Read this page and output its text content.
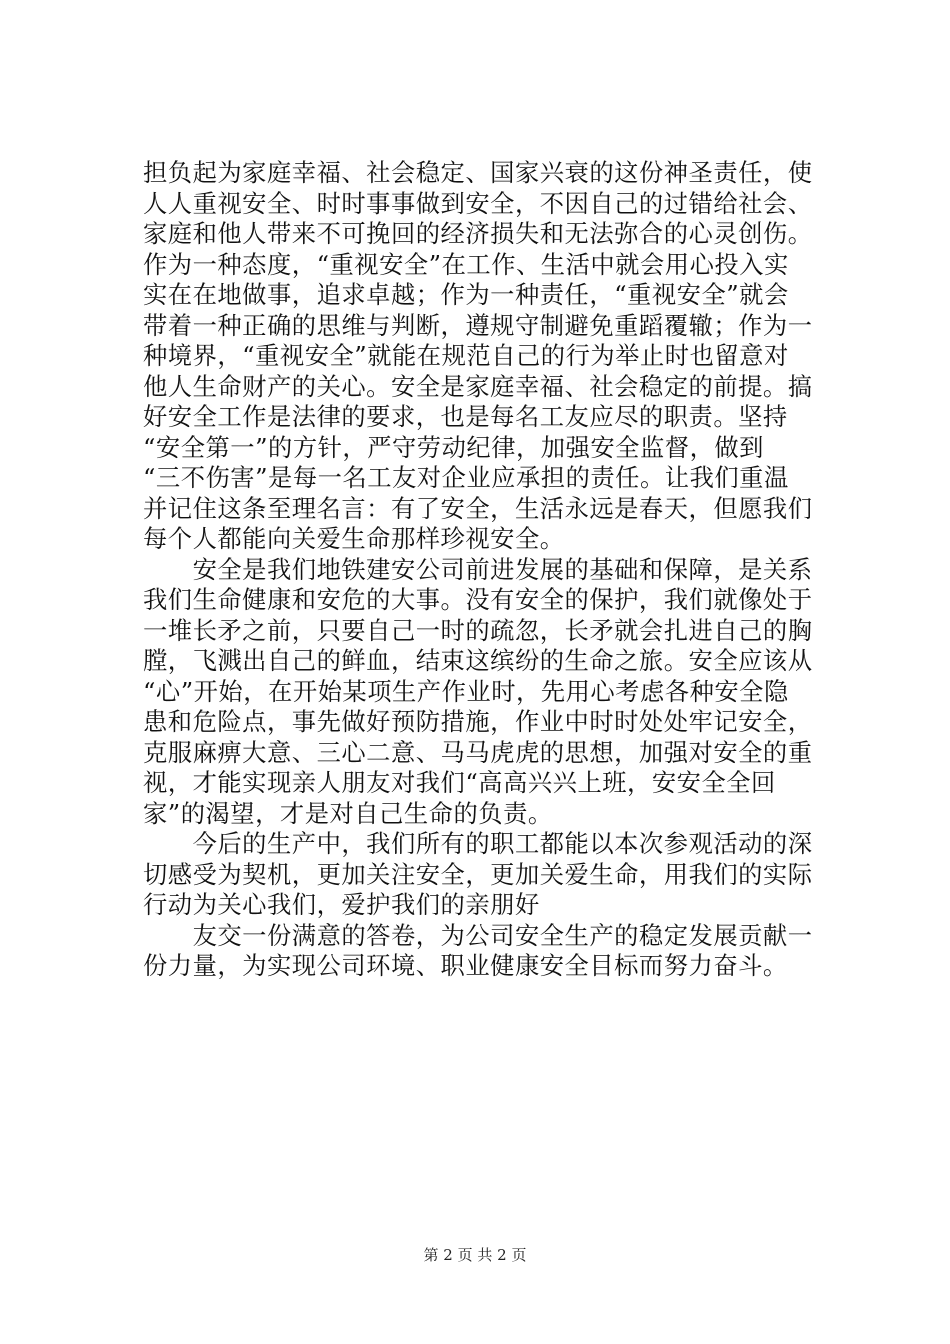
担负起为家庭幸福、社会稳定、国家兴衰的这份神圣责任，使
人人重视安全、时时事事做到安全，不因自己的过错给社会、
家庭和他人带来不可挽回的经济损失和无法弥合的心灵创伤。
作为一种态度，“重视安全”在工作、生活中就会用心投入实
实在在地做事，追求卓越；作为一种责任，“重视安全”就会
带着一种正确的思维与判断，遵规守制避免重蹈覆辙；作为一
种境界，“重视安全”就能在规范自己的行为举止时也留意对
他人生命财产的关心。安全是家庭幸福、社会稳定的前提。搞
好安全工作是法律的要求，也是每名工友应尽的职责。坚持
“安全第一”的方针，严守劳动纪律，加强安全监督，做到
“三不伤害”是每一名工友对企业应承担的责任。让我们重温
并记住这条至理名言：有了安全，生活永远是春天，但愿我们
每个人都能向关爱生命那样珍视安全。
　　安全是我们地铁建安公司前进发展的基础和保障，是关系
我们生命健康和安危的大事。没有安全的保护，我们就像处于
一堆长矛之前，只要自己一时的疏忽，长矛就会扎进自己的胸
膛，飞溅出自己的鲜血，结束这缤纷的生命之旅。安全应该从
“心”开始，在开始某项生产作业时，先用心考虑各种安全隐
患和危险点，事先做好预防措施，作业中时时处处牢记安全，
克服麻痹大意、三心二意、马马虎虎的思想，加强对安全的重
视，才能实现亲人朋友对我们“高高兴兴上班，安安全全回
家”的渴望，才是对自己生命的负责。
　　今后的生产中，我们所有的职工都能以本次参观活动的深
切感受为契机，更加关注安全，更加关爱生命，用我们的实际
行动为关心我们，爱护我们的亲朋好
　　友交一份满意的答卷，为公司安全生产的稳定发展贡献一
份力量，为实现公司环境、职业健康安全目标而努力奋斗。
第 2 页 共 2 页
